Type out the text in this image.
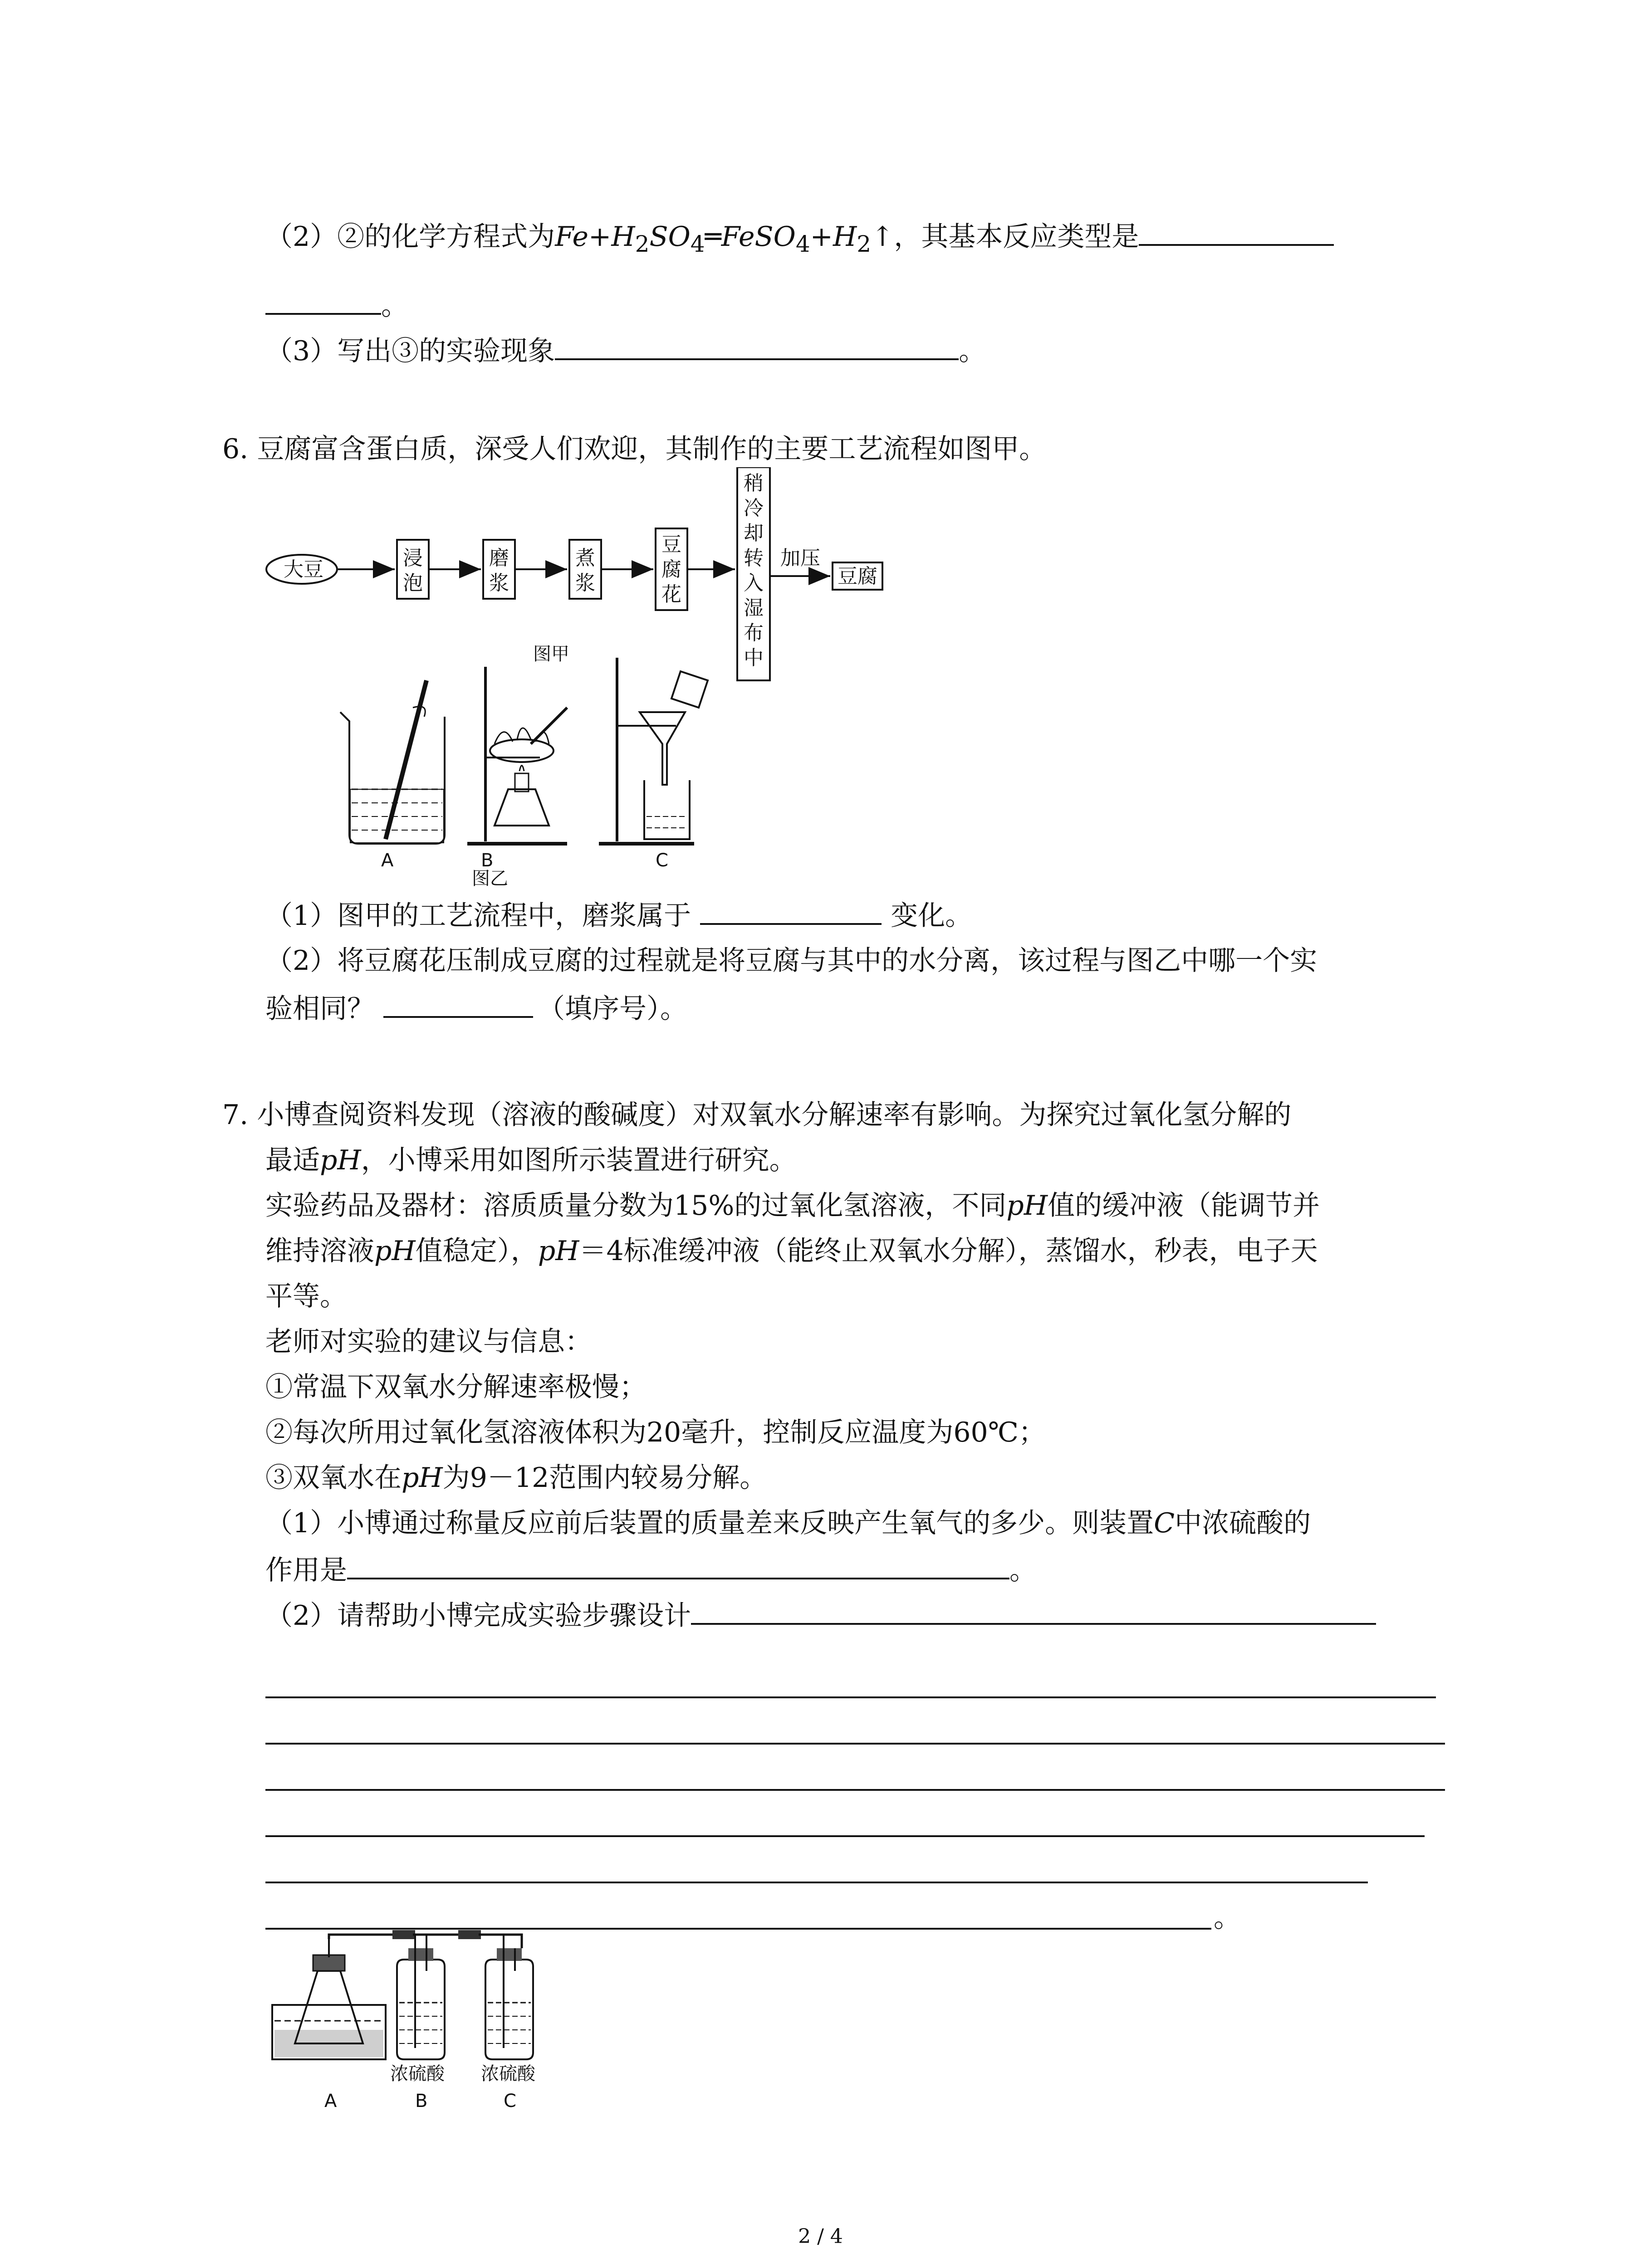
（2）②的化学方程式为$Fe+H_2SO_4═FeSO_4+H_2↑$，其基本反应类型是
。
（3）写出③的实验现象	。
6. 豆腐富含蛋白质，深受人们欢迎，其制作的主要工艺流程如图甲。
大豆	浸
泡
磨
浆
煮
浆
豆
腐
花
稍
冷
却
转
入
湿
布
中
加压
豆腐
图甲
A	B
图乙
C
（1）图甲的工艺流程中，磨浆属于	变化。
（2）将豆腐花压制成豆腐的过程就是将豆腐与其中的水分离，该过程与图乙中哪一个实
验相同？	（填序号）。
7. 小博查阅资料发现（溶液的酸碱度）对双氧水分解速率有影响。为探究过氧化氢分解的
最适pH，小博采用如图所示装置进行研究。
实验药品及器材：溶质质量分数为15%的过氧化氢溶液，不同pH值的缓冲液（能调节并
维持溶液pH值稳定），pH＝4标准缓冲液（能终止双氧水分解），蒸馏水，秒表，电子天
平等。
老师对实验的建议与信息：
①常温下双氧水分解速率极慢；
②每次所用过氧化氢溶液体积为20毫升，控制反应温度为60℃；
③双氧水在pH为9－12范围内较易分解。
（1）小博通过称量反应前后装置的质量差来反映产生氧气的多少。则装置C中浓硫酸的
作用是	。
（2）请帮助小博完成实验步骤设计
。
浓硫酸 浓硫酸
A	B	C
2 / 4
